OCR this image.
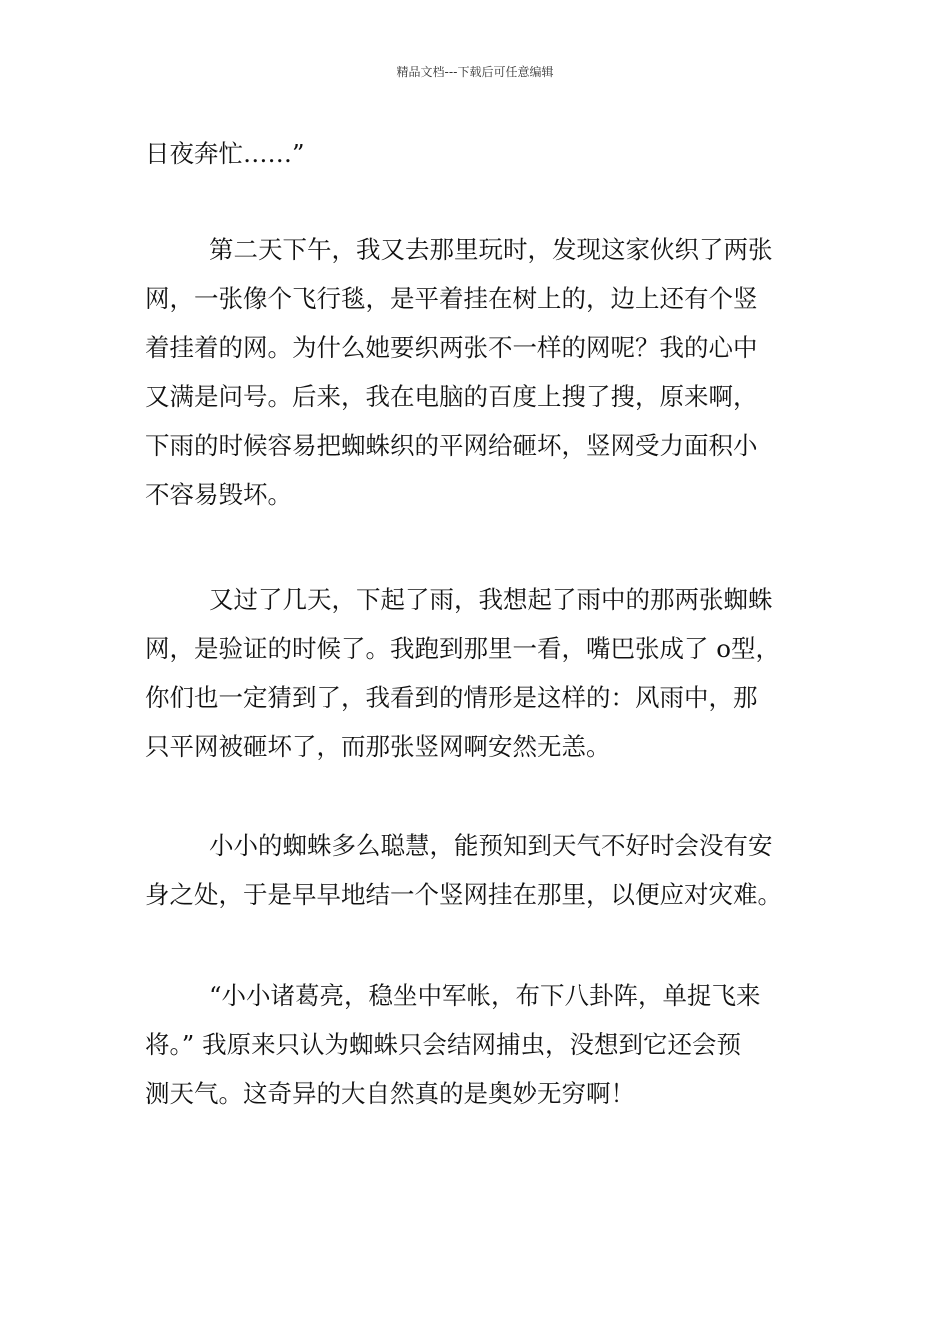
精品文档---下载后可任意编辑

日夜奔忙……”

第二天下午，我又去那里玩时，发现这家伙织了两张
网，一张像个飞行毯，是平着挂在树上的，边上还有个竖
着挂着的网。为什么她要织两张不一样的网呢？我的心中
又满是问号。后来，我在电脑的百度上搜了搜，原来啊，
下雨的时候容易把蜘蛛织的平网给砸坏，竖网受力面积小
不容易毁坏。

又过了几天，下起了雨，我想起了雨中的那两张蜘蛛
网，是验证的时候了。我跑到那里一看，嘴巴张成了 o型，
你们也一定猜到了，我看到的情形是这样的：风雨中，那
只平网被砸坏了，而那张竖网啊安然无恙。

小小的蜘蛛多么聪慧，能预知到天气不好时会没有安
身之处，于是早早地结一个竖网挂在那里，以便应对灾难。

“小小诸葛亮，稳坐中军帐，布下八卦阵，单捉飞来
将。” 我原来只认为蜘蛛只会结网捕虫，没想到它还会预
测天气。这奇异的大自然真的是奥妙无穷啊！
